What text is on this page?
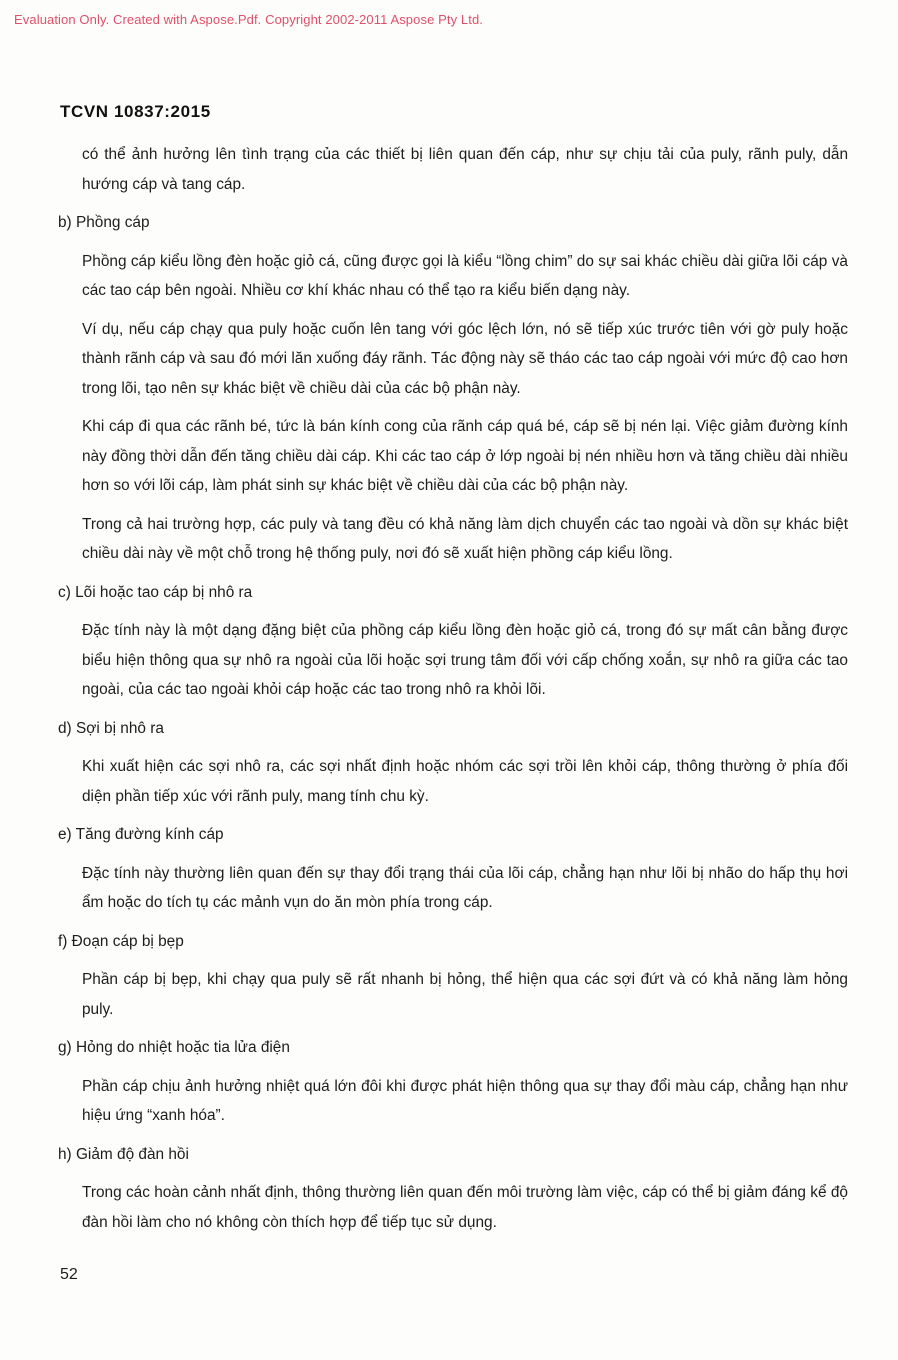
Evaluation Only. Created with Aspose.Pdf. Copyright 2002-2011 Aspose Pty Ltd.
TCVN 10837:2015

có thể ảnh hưởng lên tình trạng của các thiết bị liên quan đến cáp, như sự chịu tải của puly, rãnh puly, dẫn hướng cáp và tang cáp.

b) Phồng cáp

Phồng cáp kiểu lồng đèn hoặc giỏ cá, cũng được gọi là kiểu “lồng chim” do sự sai khác chiều dài giữa lõi cáp và các tao cáp bên ngoài. Nhiều cơ khí khác nhau có thể tạo ra kiểu biến dạng này.

Ví dụ, nếu cáp chạy qua puly hoặc cuốn lên tang với góc lệch lớn, nó sẽ tiếp xúc trước tiên với gờ puly hoặc thành rãnh cáp và sau đó mới lăn xuống đáy rãnh. Tác động này sẽ tháo các tao cáp ngoài với mức độ cao hơn trong lõi, tạo nên sự khác biệt về chiều dài của các bộ phận này.

Khi cáp đi qua các rãnh bé, tức là bán kính cong của rãnh cáp quá bé, cáp sẽ bị nén lại. Việc giảm đường kính này đồng thời dẫn đến tăng chiều dài cáp. Khi các tao cáp ở lớp ngoài bị nén nhiều hơn và tăng chiều dài nhiều hơn so với lõi cáp, làm phát sinh sự khác biệt về chiều dài của các bộ phận này.

Trong cả hai trường hợp, các puly và tang đều có khả năng làm dịch chuyển các tao ngoài và dồn sự khác biệt chiều dài này về một chỗ trong hệ thống puly, nơi đó sẽ xuất hiện phồng cáp kiểu lồng.

c) Lõi hoặc tao cáp bị nhô ra

Đặc tính này là một dạng đặng biệt của phồng cáp kiểu lồng đèn hoặc giỏ cá, trong đó sự mất cân bằng được biểu hiện thông qua sự nhô ra ngoài của lõi hoặc sợi trung tâm đối với cấp chống xoắn, sự nhô ra giữa các tao ngoài, của các tao ngoài khỏi cáp hoặc các tao trong nhô ra khỏi lõi.

d) Sợi bị nhô ra

Khi xuất hiện các sợi nhô ra, các sợi nhất định hoặc nhóm các sợi trồi lên khỏi cáp, thông thường ở phía đối diện phần tiếp xúc với rãnh puly, mang tính chu kỳ.

e) Tăng đường kính cáp

Đặc tính này thường liên quan đến sự thay đổi trạng thái của lõi cáp, chẳng hạn như lõi bị nhão do hấp thụ hơi ẩm hoặc do tích tụ các mảnh vụn do ăn mòn phía trong cáp.

f) Đoạn cáp bị bẹp

Phần cáp bị bẹp, khi chạy qua puly sẽ rất nhanh bị hỏng, thể hiện qua các sợi đứt và có khả năng làm hỏng puly.

g) Hỏng do nhiệt hoặc tia lửa điện

Phần cáp chịu ảnh hưởng nhiệt quá lớn đôi khi được phát hiện thông qua sự thay đổi màu cáp, chẳng hạn như hiệu ứng “xanh hóa”.

h) Giảm độ đàn hồi

Trong các hoàn cảnh nhất định, thông thường liên quan đến môi trường làm việc, cáp có thể bị giảm đáng kể độ đàn hồi làm cho nó không còn thích hợp để tiếp tục sử dụng.

52
